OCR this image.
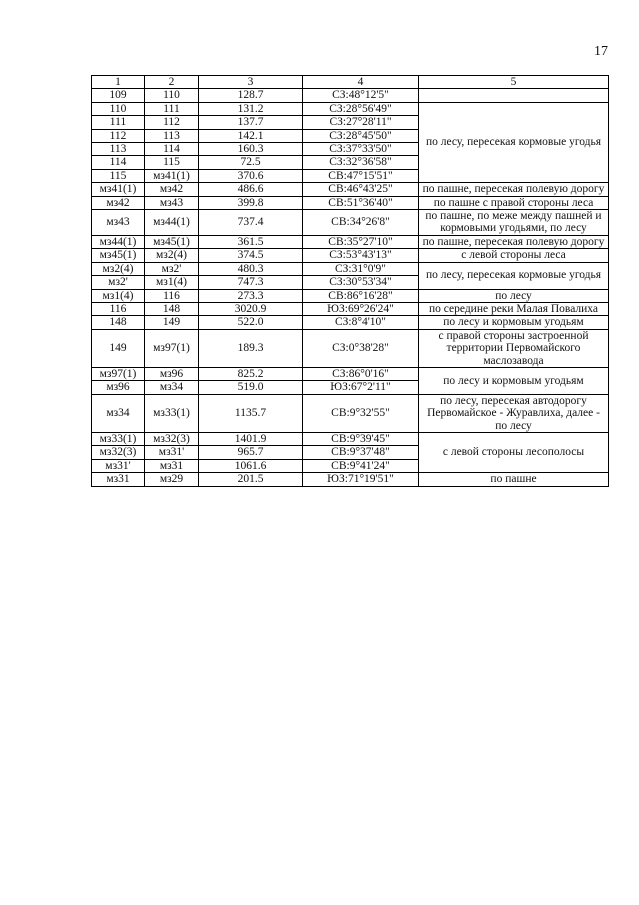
17
1	2	3	4	5
109	110	128.7	СЗ:48°12'5"	
110	111	131.2	СЗ:28°56'49"	по лесу, пересекая кормовые угодья
111	112	137.7	СЗ:27°28'11"	
112	113	142.1	СЗ:28°45'50"	
113	114	160.3	СЗ:37°33'50"	
114	115	72.5	СЗ:32°36'58"	
115	мз41(1)	370.6	СВ:47°15'51"	
мз41(1)	мз42	486.6	СВ:46°43'25"	по пашне, пересекая полевую дорогу
мз42	мз43	399.8	СВ:51°36'40"	по пашне с правой стороны леса
мз43	мз44(1)	737.4	СВ:34°26'8"	по пашне, по меже между пашней и кормовыми угодьями, по лесу
мз44(1)	мз45(1)	361.5	СВ:35°27'10"	по пашне, пересекая полевую дорогу
мз45(1)	мз2(4)	374.5	СЗ:53°43'13"	с левой стороны леса
мз2(4)	мз2'	480.3	СЗ:31°0'9"	по лесу, пересекая кормовые угодья
мз2'	мз1(4)	747.3	СЗ:30°53'34"	
мз1(4)	116	273.3	СВ:86°16'28"	по лесу
116	148	3020.9	ЮЗ:69°26'24"	по середине реки Малая Повалиха
148	149	522.0	СЗ:8°4'10"	по лесу и кормовым угодьям
149	мз97(1)	189.3	СЗ:0°38'28"	с правой стороны застроенной территории Первомайского маслозавода
мз97(1)	мз96	825.2	СЗ:86°0'16"	по лесу и кормовым угодьям
мз96	мз34	519.0	ЮЗ:67°2'11"	
мз34	мз33(1)	1135.7	СВ:9°32'55"	по лесу, пересекая автодорогу Первомайское - Журавлиха, далее - по лесу
мз33(1)	мз32(3)	1401.9	СВ:9°39'45"	с левой стороны лесополосы
мз32(3)	мз31'	965.7	СВ:9°37'48"	
мз31'	мз31	1061.6	СВ:9°41'24"	
мз31	мз29	201.5	ЮЗ:71°19'51"	по пашне
